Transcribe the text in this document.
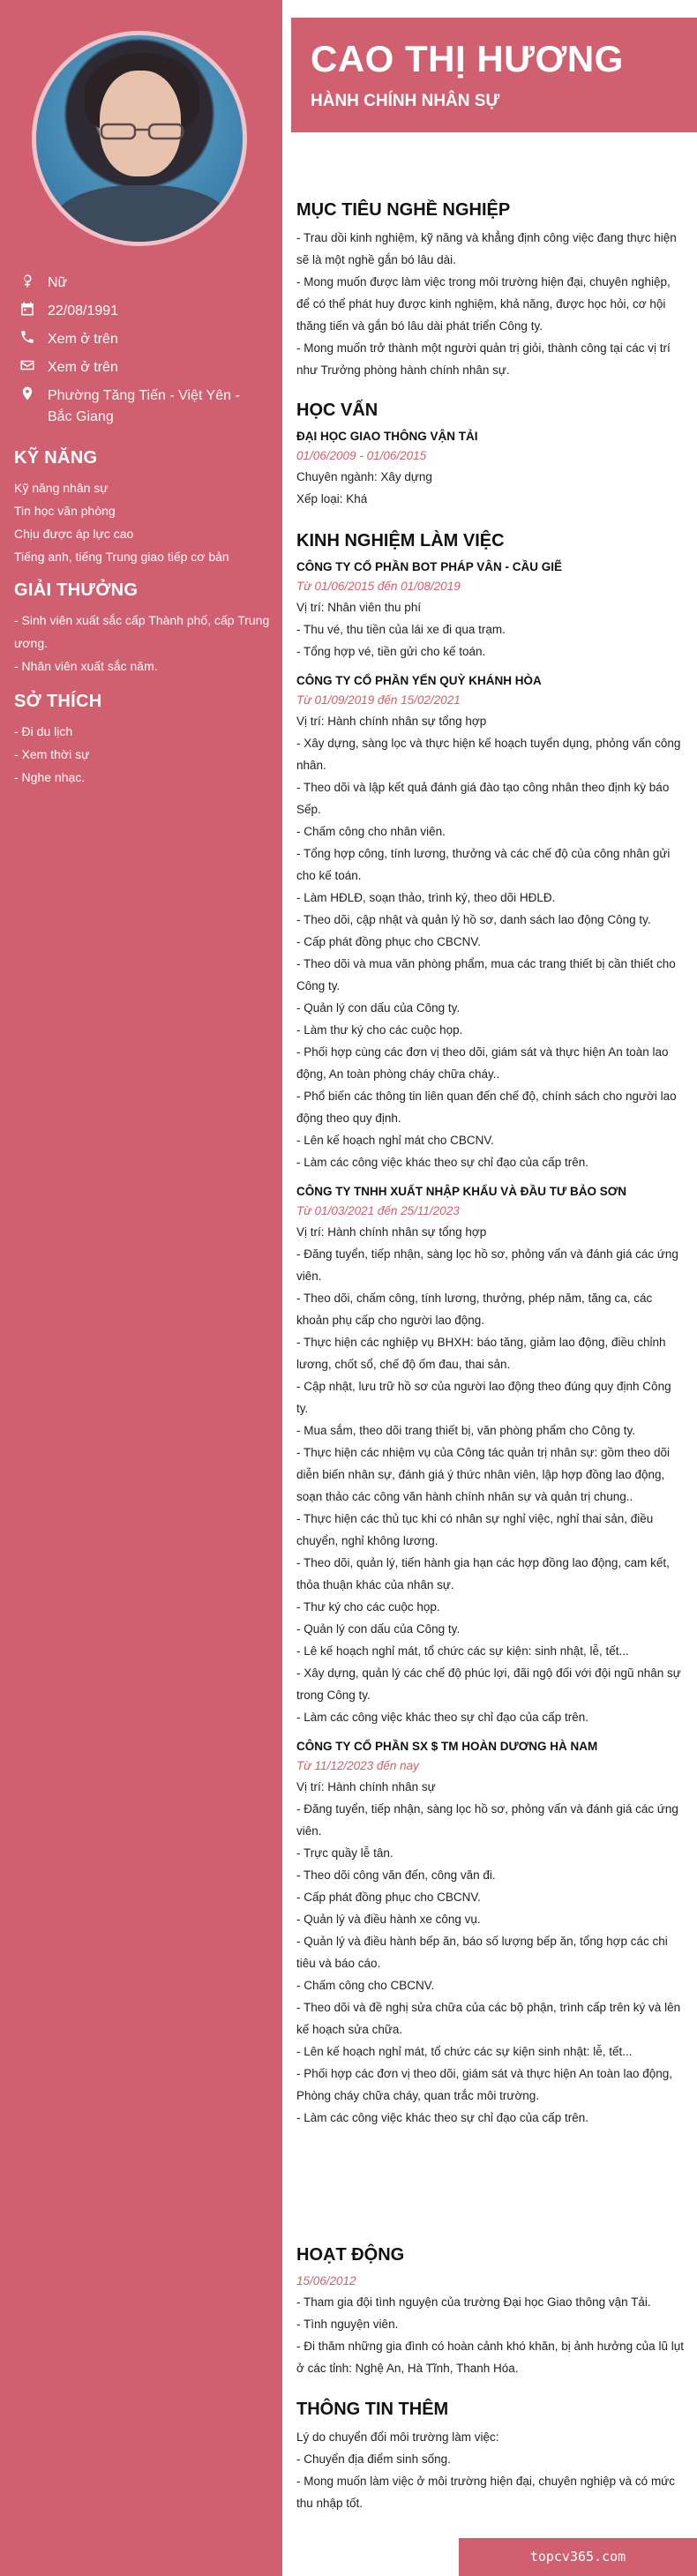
Nữ
22/08/1991
Xem ở trên
Xem ở trên
Phường Tăng Tiến - Việt Yên - Bắc Giang
KỸ NĂNG
Kỹ năng nhân sự
Tin học văn phòng
Chịu được áp lực cao
Tiếng anh, tiếng Trung giao tiếp cơ bản
GIẢI THƯỞNG
- Sinh viên xuất sắc cấp Thành phố, cấp Trung ương.
- Nhân viên xuất sắc năm.
SỞ THÍCH
- Đi du lịch
- Xem thời sự
- Nghe nhạc.
CAO THỊ HƯƠNG
HÀNH CHÍNH NHÂN SỰ
MỤC TIÊU NGHỀ NGHIỆP

- Trau dồi kinh nghiệm, kỹ năng và khẳng định công việc đang thực hiện sẽ là một nghề gắn bó lâu dài.

- Mong muốn được làm việc trong môi trường hiện đại, chuyên nghiệp, để có thể phát huy được kinh nghiệm, khả năng, được học hỏi, cơ hội thăng tiến và gắn bó lâu dài phát triển Công ty.

- Mong muốn trở thành một người quản trị giỏi, thành công tại các vị trí như Trưởng phòng hành chính nhân sự.

HỌC VẤN
ĐẠI HỌC GIAO THÔNG VẬN TẢI
01/06/2009 - 01/06/2015

Chuyên ngành: Xây dựng

Xếp loại: Khá

KINH NGHIỆM LÀM VIỆC
CÔNG TY CỔ PHẦN BOT PHÁP VÂN - CẦU GIẼ
Từ 01/06/2015 đến 01/08/2019

Vị trí: Nhân viên thu phí

- Thu vé, thu tiền của lái xe đi qua trạm.

- Tổng hợp vé, tiền gửi cho kế toán.

CÔNG TY CỔ PHẦN YẾN QUỲ KHÁNH HÒA
Từ 01/09/2019 đến 15/02/2021

Vị trí: Hành chính nhân sự tổng hợp

- Xây dựng, sàng lọc và thực hiện kế hoạch tuyển dụng, phỏng vấn công nhân.

- Theo dõi và lập kết quả đánh giá đào tạo công nhân theo định kỳ báo Sếp.

- Chấm công cho nhân viên.

- Tổng hợp công, tính lương, thưởng và các chế độ của công nhân gửi cho kế toán.

- Làm HĐLĐ, soạn thảo, trình ký, theo dõi HĐLĐ.

- Theo dõi, cập nhật và quản lý hồ sơ, danh sách lao động Công ty.

- Cấp phát đồng phục cho CBCNV.

- Theo dõi và mua văn phòng phẩm, mua các trang thiết bị cần thiết cho Công ty.

- Quản lý con dấu của Công ty.

- Làm thư ký cho các cuộc họp.

- Phối hợp cùng các đơn vị theo dõi, giám sát và thực hiện An toàn lao động, An toàn phòng cháy chữa cháy..

- Phổ biến các thông tin liên quan đến chế độ, chính sách cho người lao động theo quy định.

- Lên kế hoạch nghỉ mát cho CBCNV.

- Làm các công việc khác theo sự chỉ đạo của cấp trên.

CÔNG TY TNHH XUẤT NHẬP KHẨU VÀ ĐẦU TƯ BẢO SƠN
Từ 01/03/2021 đến 25/11/2023

Vị trí: Hành chính nhân sự tổng hợp

- Đăng tuyển, tiếp nhận, sàng lọc hồ sơ, phỏng vấn và đánh giá các ứng viên.

- Theo dõi, chấm công, tính lương, thưởng, phép năm, tăng ca, các khoản phụ cấp cho người lao động.

- Thực hiện các nghiệp vụ BHXH: báo tăng, giảm lao động, điều chỉnh lương, chốt sổ, chế độ ốm đau, thai sản.

- Cập nhật, lưu trữ hồ sơ của người lao động theo đúng quy định Công ty.

- Mua sắm, theo dõi trang thiết bị, văn phòng phẩm cho Công ty.

- Thực hiện các nhiệm vụ của Công tác quản trị nhân sự: gồm theo dõi diễn biến nhân sự, đánh giá ý thức nhân viên, lập hợp đồng lao động, soạn thảo các công văn hành chính nhân sự và quản trị chung..

- Thực hiện các thủ tục khi có nhân sự nghỉ việc, nghỉ thai sản, điều chuyển, nghỉ không lương.

- Theo dõi, quản lý, tiến hành gia hạn các hợp đồng lao động, cam kết, thỏa thuận khác của nhân sự.

- Thư ký cho các cuộc họp.

- Quản lý con dấu của Công ty.

- Lê kế hoạch nghỉ mát, tổ chức các sự kiện: sinh nhật, lễ, tết...

- Xây dựng, quản lý các chế độ phúc lợi, đãi ngộ đối với đội ngũ nhân sự trong Công ty.

- Làm các công việc khác theo sự chỉ đạo của cấp trên.

CÔNG TY CỔ PHẦN SX $ TM HOÀN DƯƠNG HÀ NAM
Từ 11/12/2023 đến nay

Vị trí: Hành chính nhân sự

- Đăng tuyển, tiếp nhận, sàng lọc hồ sơ, phỏng vấn và đánh giá các ứng viên.

- Trực quầy lễ tân.

- Theo dõi công văn đến, công văn đi.

- Cấp phát đồng phục cho CBCNV.

- Quản lý và điều hành xe công vụ.

- Quản lý và điều hành bếp ăn, báo số lượng bếp ăn, tổng hợp các chi tiêu và báo cáo.

- Chấm công cho CBCNV.

- Theo dõi và đề nghị sửa chữa của các bộ phận, trình cấp trên ký và lên kế hoạch sửa chữa.

- Lên kế hoạch nghỉ mát, tổ chức các sự kiện sinh nhật: lễ, tết...

- Phối hợp các đơn vị theo dõi, giám sát và thực hiện An toàn lao động, Phòng cháy chữa cháy, quan trắc môi trường.

- Làm các công việc khác theo sự chỉ đạo của cấp trên.

HOẠT ĐỘNG
15/06/2012

- Tham gia đội tình nguyện của trường Đại học Giao thông vận Tải.

- Tình nguyện viên.

- Đi thăm những gia đình có hoàn cảnh khó khăn, bị ảnh hưởng của lũ lụt ở các tỉnh: Nghệ An, Hà Tĩnh, Thanh Hóa.

THÔNG TIN THÊM

Lý do chuyển đổi môi trường làm việc:

- Chuyển địa điểm sinh sống.

- Mong muốn làm việc ở môi trường hiện đại, chuyên nghiệp và có mức thu nhập tốt.

topcv365.com
